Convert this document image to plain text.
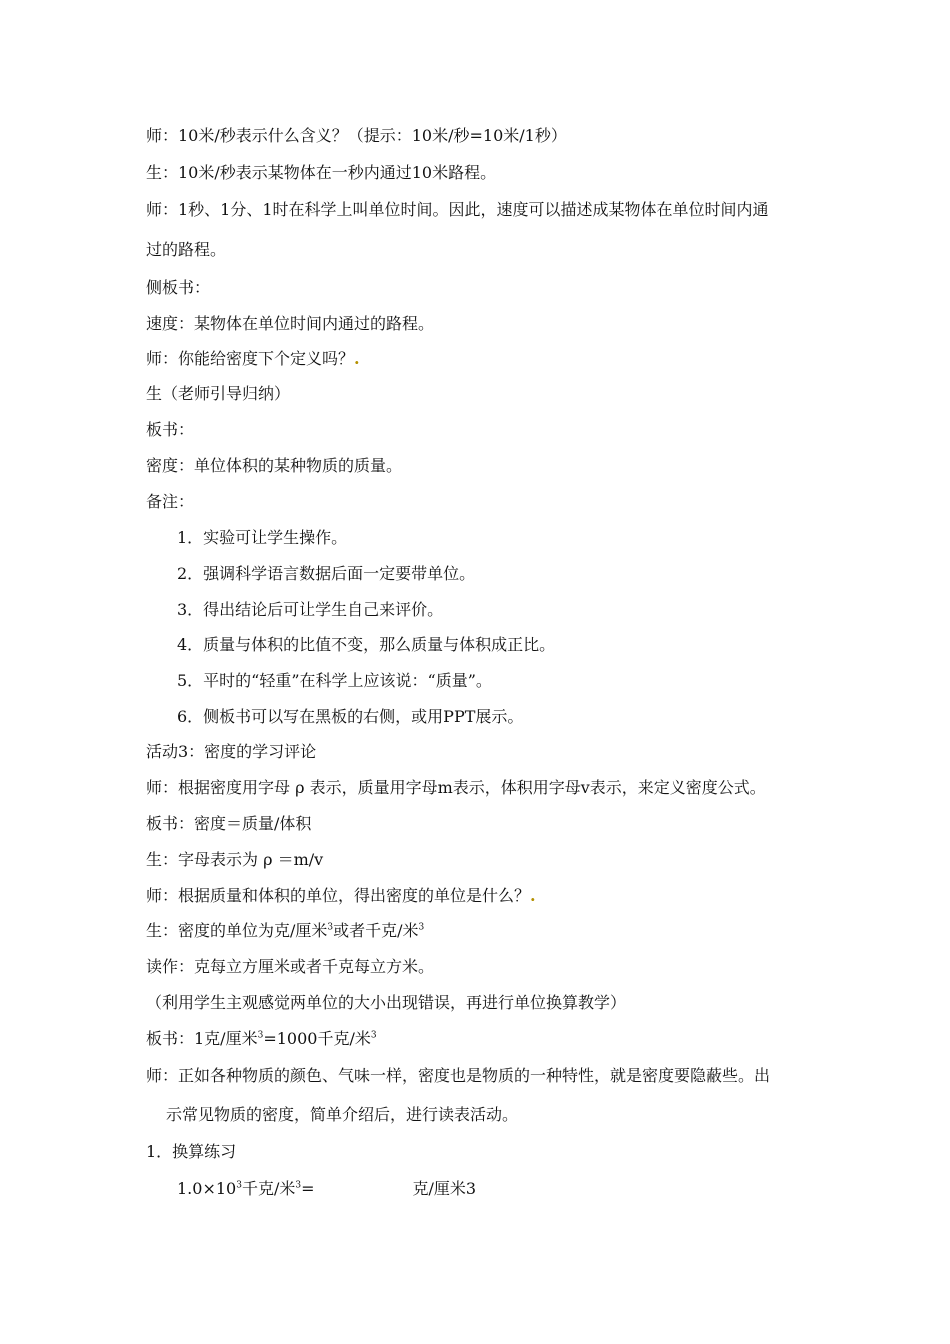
师：10米/秒表示什么含义？（提示：10米/秒=10米/1秒）
生：10米/秒表示某物体在一秒内通过10米路程。
师：1秒、1分、1时在科学上叫单位时间。因此，速度可以描述成某物体在单位时间内通
过的路程。
侧板书：
速度：某物体在单位时间内通过的路程。
师：你能给密度下个定义吗？.
生（老师引导归纳）
板书：
密度：单位体积的某种物质的质量。
备注：
1．实验可让学生操作。
2．强调科学语言数据后面一定要带单位。
3．得出结论后可让学生自己来评价。
4．质量与体积的比值不变，那么质量与体积成正比。
5．平时的“轻重”在科学上应该说：“质量”。
6．侧板书可以写在黑板的右侧，或用PPT展示。
活动3：密度的学习评论
师：根据密度用字母 ρ 表示，质量用字母m表示，体积用字母v表示，来定义密度公式。
板书：密度＝质量/体积
生：字母表示为 ρ ＝m/v
师：根据质量和体积的单位，得出密度的单位是什么？.
生：密度的单位为克/厘米$^3$或者千克/米$^3$
读作：克每立方厘米或者千克每立方米。
（利用学生主观感觉两单位的大小出现错误，再进行单位换算教学）
板书：1克/厘米$^3$=1000千克/米$^3$
师：正如各种物质的颜色、气味一样，密度也是物质的一种特性，就是密度要隐蔽些。出
示常见物质的密度，简单介绍后，进行读表活动。
1．换算练习
$1.0\times 10^3$千克/米$^3$=	克/厘米3
